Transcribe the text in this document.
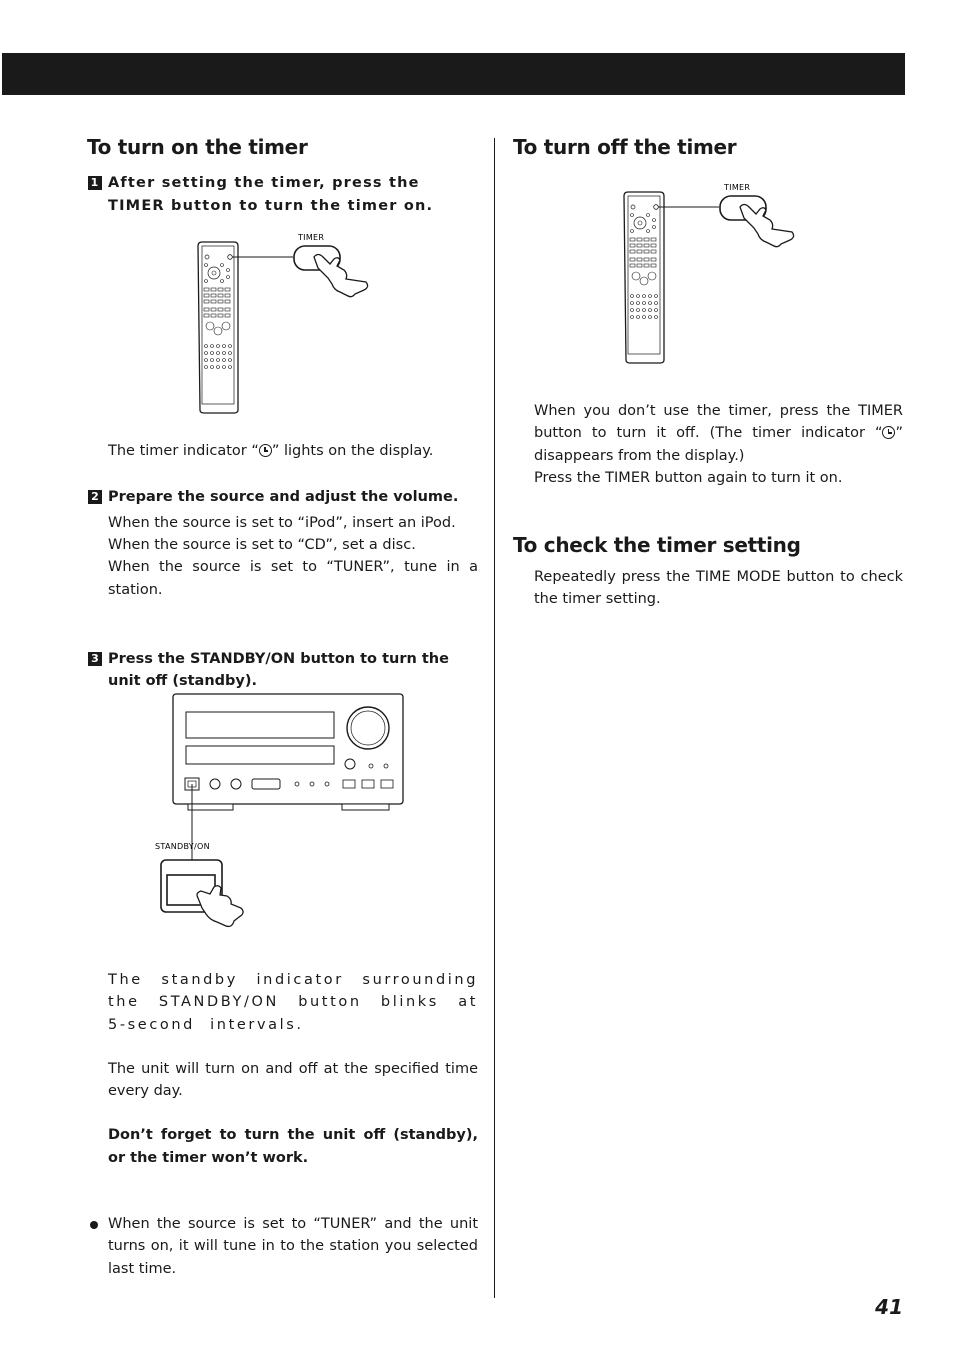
To turn on the timer
1 After setting the timer, press the TIMER button to turn the timer on.

The timer indicator “ ” lights on the display.

2 Prepare the source and adjust the volume.

When the source is set to “iPod”, insert an iPod.

When the source is set to “CD”, set a disc.

When the source is set to “TUNER”, tune in a station.

3 Press the STANDBY/ON button to turn the unit off (standby).

The standby indicator surrounding the STANDBY/ON button blinks at 5-second intervals.

The unit will turn on and off at the specified time every day.

Don’t forget to turn the unit off (standby), or the timer won’t work.

When the source is set to “TUNER” and the unit turns on, it will tune in to the station you selected last time.
To turn off the timer

When you don’t use the timer, press the TIMER button to turn it off. (The timer indicator “ ” disappears from the display.)

Press the TIMER button again to turn it on.

To check the timer setting

Repeatedly press the TIME MODE button to check the timer setting.

TIMER
STANDBY/ON
TIMER
41
